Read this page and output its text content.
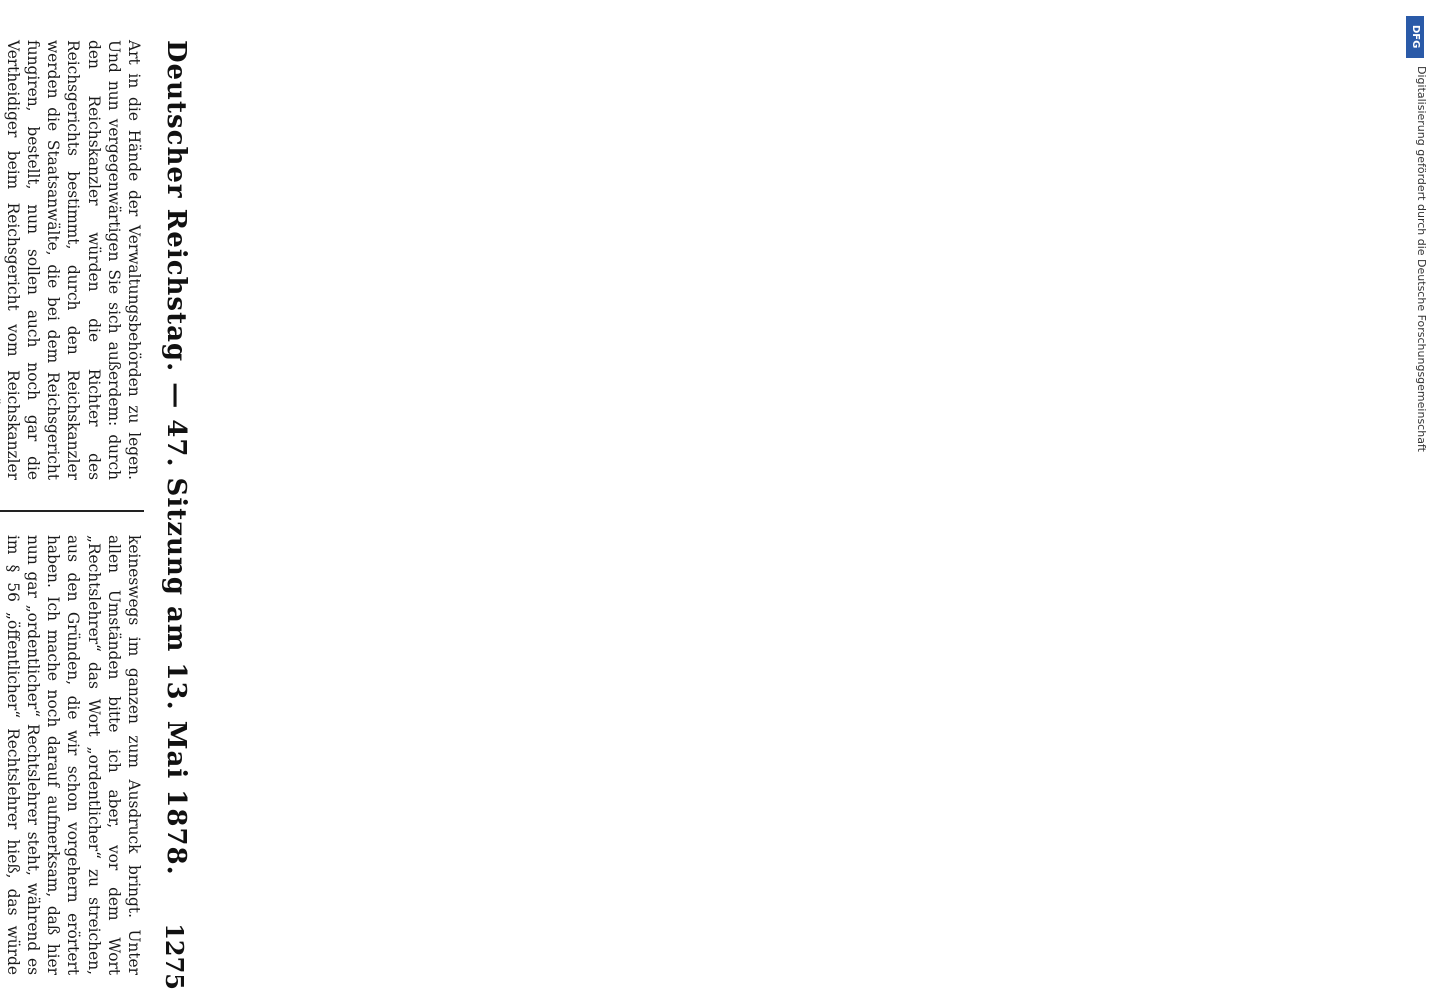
Art in die Hände der Verwaltungsbehörden zu legen. Und nun vergegenwärtigen Sie sich außerdem: durch den Reichskanzler würden die Richter des Reichsgerichts bestimmt, durch den Reichskanzler werden die Staatsanwälte, die bei dem Reichsgericht fungiren, bestellt, nun sollen auch noch gar die Vertheidiger beim Reichsgericht vom Reichskanzler

keineswegs im ganzen zum Ausdruck bringt. Unter allen Umständen bitte ich aber, vor dem Wort „Rechtslehrer“ das Wort „ordentlicher“ zu streichen, aus den Gründen, die wir schon vorgehern erörtert haben. Ich mache noch darauf aufmerksam, daß hier nun gar „ordentlicher“ Rechtslehrer steht, während es im § 56 „öffentlicher“ Rechtslehrer hieß, das würde

Deutscher Reichstag. — 47. Sitzung am 13. Mai 1878.
1275
DFG
Digitalisierung gefördert durch die Deutsche Forschungsgemeinschaft
